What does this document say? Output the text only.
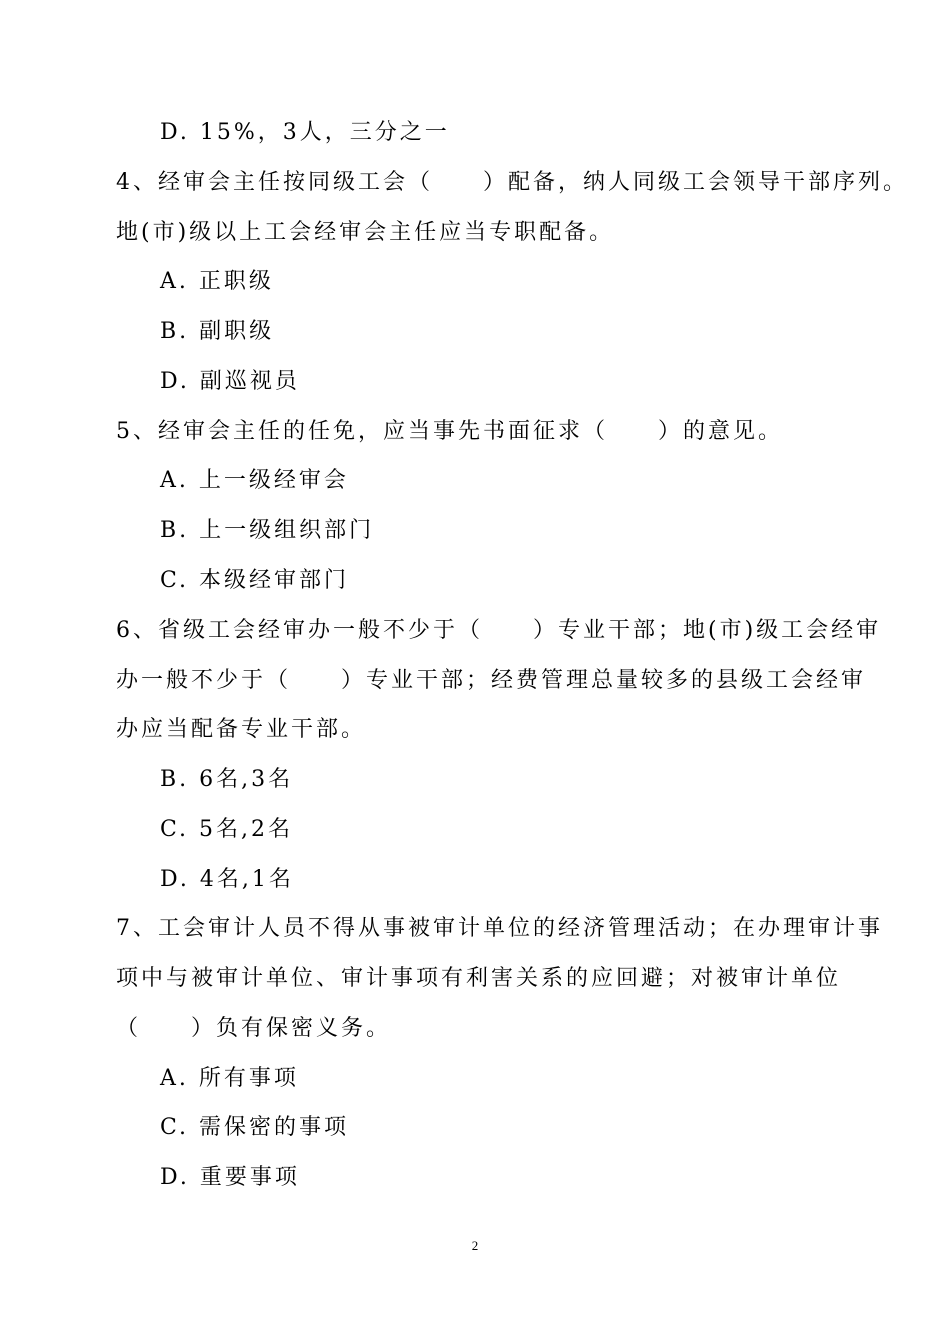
D. 15%，3人，三分之一
4、经审会主任按同级工会（　　）配备，纳人同级工会领导干部序列。
地(市)级以上工会经审会主任应当专职配备。
A. 正职级
B. 副职级
D. 副巡视员
5、经审会主任的任免，应当事先书面征求（　　）的意见。
A. 上一级经审会
B. 上一级组织部门
C. 本级经审部门
6、省级工会经审办一般不少于（　　）专业干部；地(市)级工会经审
办一般不少于（　　）专业干部；经费管理总量较多的县级工会经审
办应当配备专业干部。
B. 6名,3名
C. 5名,2名
D. 4名,1名
7、工会审计人员不得从事被审计单位的经济管理活动；在办理审计事
项中与被审计单位、审计事项有利害关系的应回避；对被审计单位
（　　）负有保密义务。
A. 所有事项
C. 需保密的事项
D. 重要事项
2
